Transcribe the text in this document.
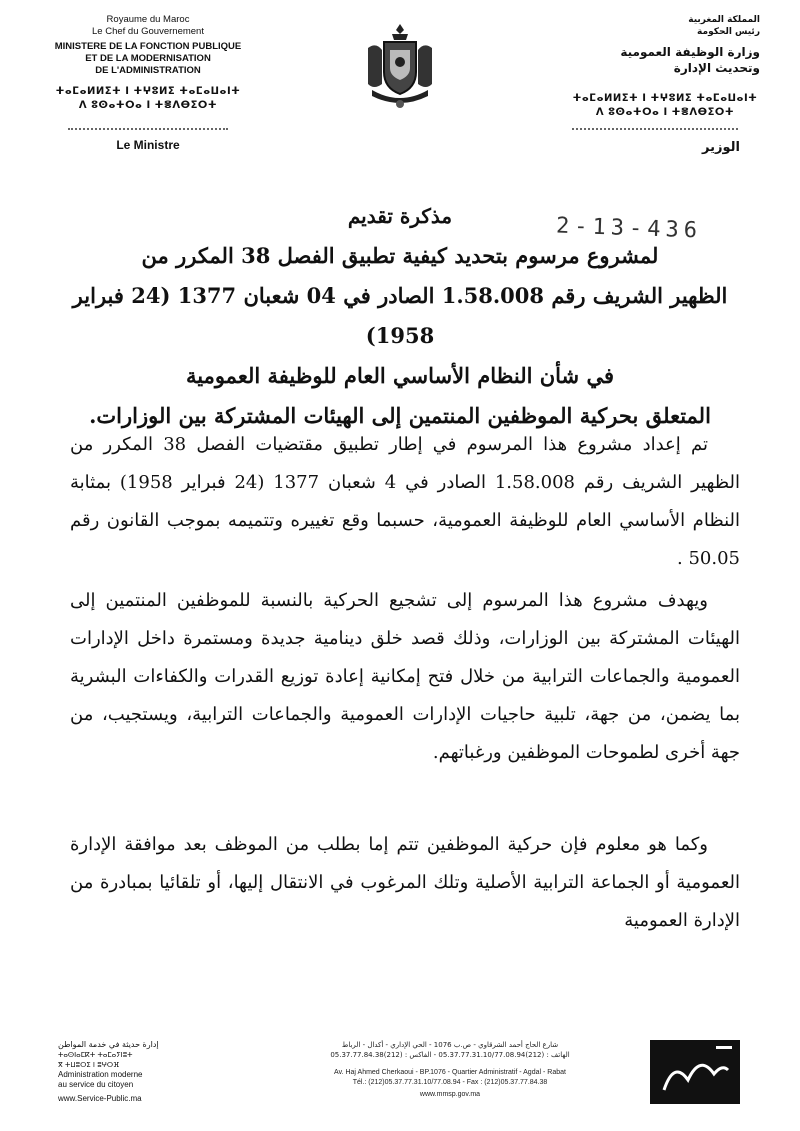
Royaume du Maroc
Le Chef du Gouvernement
MINISTERE DE LA FONCTION PUBLIQUE
ET DE LA MODERNISATION
DE L'ADMINISTRATION
ⵜⴰⵎⴰⵍⵍⵉⵜ ⵏ ⵜⵖⵓⵍⵉ ⵜⴰⵎⴰⵡⴰⵏⵜ
ⴷ ⵓⵙⴰⵜⵔⴰ ⵏ ⵜⴻⴷⴱⵉⵔⵜ
Le Ministre
المملكة المغربية
رئيس الحكومة
وزارة الوظيفة العمومية
وتحديث الإدارة
ⵜⴰⵎⴰⵍⵍⵉⵜ ⵏ ⵜⵖⵓⵍⵉ ⵜⴰⵎⴰⵡⴰⵏⵜ
ⴷ ⵓⵙⴰⵜⵔⴰ ⵏ ⵜⴻⴷⴱⵉⵔⵜ
الوزير
2-13-436
مذكرة تقديم
لمشروع مرسوم بتحديد كيفية تطبيق الفصل 38 المكرر من
الظهير الشريف رقم 1.58.008 الصادر في 04 شعبان 1377 (24 فبراير 1958)
في شأن النظام الأساسي العام للوظيفة العمومية
المتعلق بحركية الموظفين المنتمين إلى الهيئات المشتركة بين الوزارات.

تم إعداد مشروع هذا المرسوم في إطار تطبيق مقتضيات الفصل 38 المكرر من الظهير الشريف رقم 1.58.008 الصادر في 4 شعبان 1377 (24 فبراير 1958) بمثابة النظام الأساسي العام للوظيفة العمومية، حسبما وقع تغييره وتتميمه بموجب القانون رقم 50.05 .

ويهدف مشروع هذا المرسوم إلى تشجيع الحركية بالنسبة للموظفين المنتمين إلى الهيئات المشتركة بين الوزارات، وذلك قصد خلق دينامية جديدة ومستمرة داخل الإدارات العمومية والجماعات الترابية من خلال فتح إمكانية إعادة توزيع القدرات والكفاءات البشرية بما يضمن، من جهة، تلبية حاجيات الإدارات العمومية والجماعات الترابية، ويستجيب، من جهة أخرى لطموحات الموظفين ورغباتهم.

وكما هو معلوم فإن حركية الموظفين تتم إما بطلب من الموظف بعد موافقة الإدارة العمومية أو الجماعة الترابية الأصلية وتلك المرغوب في الانتقال إليها، أو تلقائيا بمبادرة من الإدارة العمومية

إدارة حديثة في خدمة المواطن
ⵜⴰⵙⵏⴰⵎⴽⵜ ⵜⴰⵎⴰⵢⵏⵓⵜ
ⴳ ⵜⵡⵓⵔⵉ ⵏ ⵓⵖⵔⴼ
Administration moderne
au service du citoyen
www.Service-Public.ma
شارع الحاج أحمد الشرقاوي - ص.ب 1076 - الحي الإداري - أكدال - الرباط
الهاتف : (212)05.37.77.31.10/77.08.94 - الفاكس : (212)05.37.77.84.38
Av. Haj Ahmed Cherkaoui - BP.1076 - Quartier Administratif - Agdal - Rabat
Tél.: (212)05.37.77.31.10/77.08.94 - Fax : (212)05.37.77.84.38
www.mmsp.gov.ma
